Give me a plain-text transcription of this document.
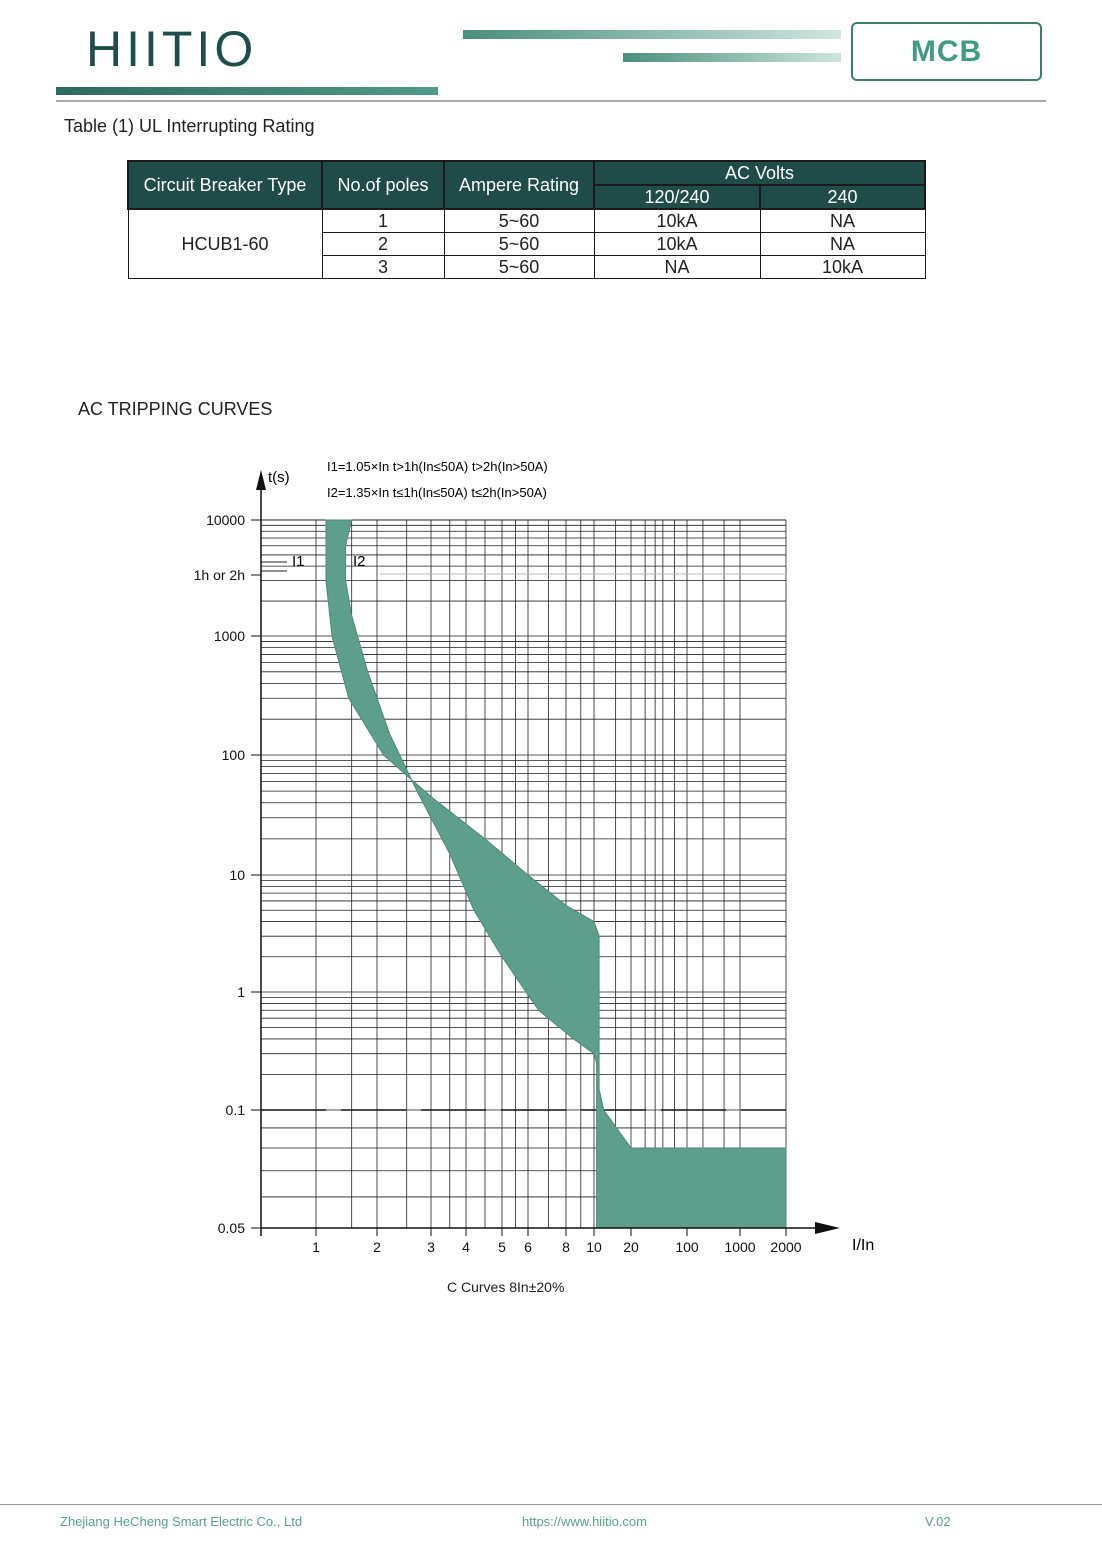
HIITIO	MCB
Table (1) UL Interrupting Rating
Circuit Breaker Type	No.of poles	Ampere Rating	AC Volts	
			120/240	240
HCUB1-60	1	5~60	10kA	NA
	2	5~60	10kA	NA
	3	5~60	NA	10kA
AC TRIPPING CURVES
10000
1h or 2h
1000
100
10
1
0.1
0.05
1	2	3 4 5 6 8 10 20	100 1000 2000
t(s)
I/In
I1=1.05×In t>1h(In≤50A) t>2h(In>50A)
I2=1.35×In t≤1h(In≤50A) t≤2h(In>50A)
I1	I2
C Curves 8In±20%
Zhejiang HeCheng Smart Electric Co., Ltd	https://www.hiitio.com	V.02
